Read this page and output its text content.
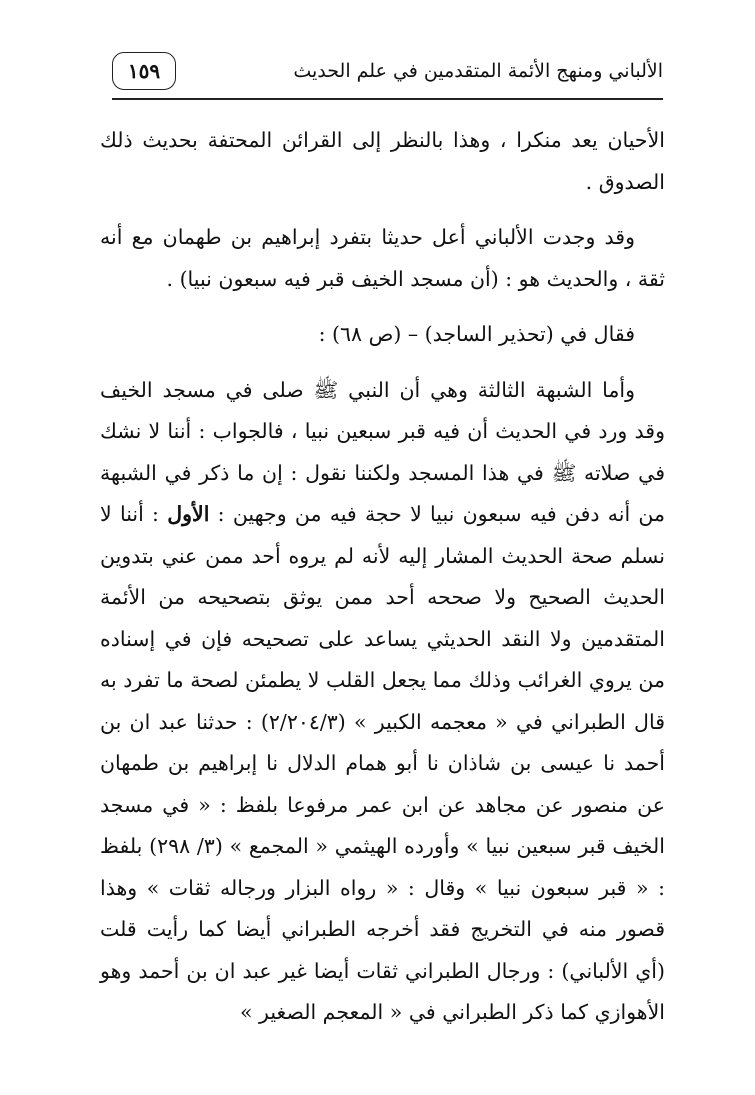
الألباني ومنهج الأئمة المتقدمين في علم الحديث
١٥٩

الأحيان يعد منكرا ، وهذا بالنظر إلى القرائن المحتفة بحديث ذلك الصدوق .

وقد وجدت الألباني أعل حديثا بتفرد إبراهيم بن طهمان مع أنه ثقة ، والحديث هو : (أن مسجد الخيف قبر فيه سبعون نبيا) .

فقال في (تحذير الساجد) – (ص ٦٨) :

وأما الشبهة الثالثة وهي أن النبي ﷺ صلى في مسجد الخيف وقد ورد في الحديث أن فيه قبر سبعين نبيا ، فالجواب : أننا لا نشك في صلاته ﷺ في هذا المسجد ولكننا نقول : إن ما ذكر في الشبهة من أنه دفن فيه سبعون نبيا لا حجة فيه من وجهين : الأول : أننا لا نسلم صحة الحديث المشار إليه لأنه لم يروه أحد ممن عني بتدوين الحديث الصحيح ولا صححه أحد ممن يوثق بتصحيحه من الأئمة المتقدمين ولا النقد الحديثي يساعد على تصحيحه فإن في إسناده من يروي الغرائب وذلك مما يجعل القلب لا يطمئن لصحة ما تفرد به قال الطبراني في « معجمه الكبير » (٢/٢٠٤/٣) : حدثنا عبد ان بن أحمد نا عيسى بن شاذان نا أبو همام الدلال نا إبراهيم بن طمهان عن منصور عن مجاهد عن ابن عمر مرفوعا بلفظ : « في مسجد الخيف قبر سبعين نبيا » وأورده الهيثمي « المجمع » (٣/ ٢٩٨) بلفظ : « قبر سبعون نبيا » وقال : « رواه البزار ورجاله ثقات » وهذا قصور منه في التخريج فقد أخرجه الطبراني أيضا كما رأيت قلت (أي الألباني) : ورجال الطبراني ثقات أيضا غير عبد ان بن أحمد وهو الأهوازي كما ذكر الطبراني في « المعجم الصغير »
